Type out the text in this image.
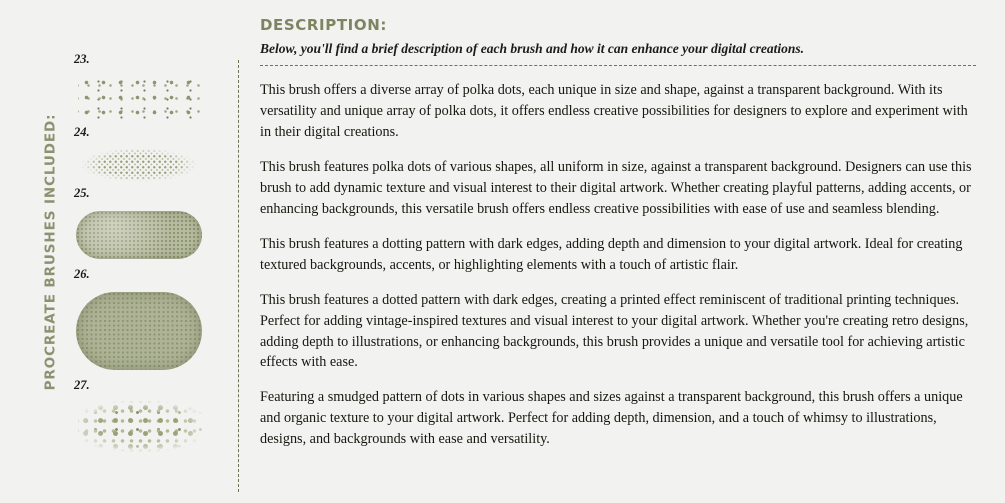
PROCREATE BRUSHES INCLUDED:
23.
24.
25.
26.
27.
DESCRIPTION:
Below, you'll find a brief description of each brush and how it can enhance your digital creations.

This brush offers a diverse array of polka dots, each unique in size and shape, against a transparent background. With its versatility and unique array of polka dots, it offers endless creative possibilities for designers to explore and experiment with in their digital creations.

This brush features polka dots of various shapes, all uniform in size, against a transparent background. Designers can use this brush to add dynamic texture and visual interest to their digital artwork. Whether creating playful patterns, adding accents, or enhancing backgrounds, this versatile brush offers endless creative possibilities with ease of use and seamless blending.

This brush features a dotting pattern with dark edges, adding depth and dimension to your digital artwork. Ideal for creating textured backgrounds, accents, or highlighting elements with a touch of artistic flair.

This brush features a dotted pattern with dark edges, creating a printed effect reminiscent of traditional printing techniques. Perfect for adding vintage-inspired textures and visual interest to your digital artwork. Whether you're creating retro designs, adding depth to illustrations, or enhancing backgrounds, this brush provides a unique and versatile tool for achieving artistic effects with ease.

Featuring a smudged pattern of dots in various shapes and sizes against a transparent background, this brush offers a unique and organic texture to your digital artwork. Perfect for adding depth, dimension, and a touch of whimsy to illustrations, designs, and backgrounds with ease and versatility.
